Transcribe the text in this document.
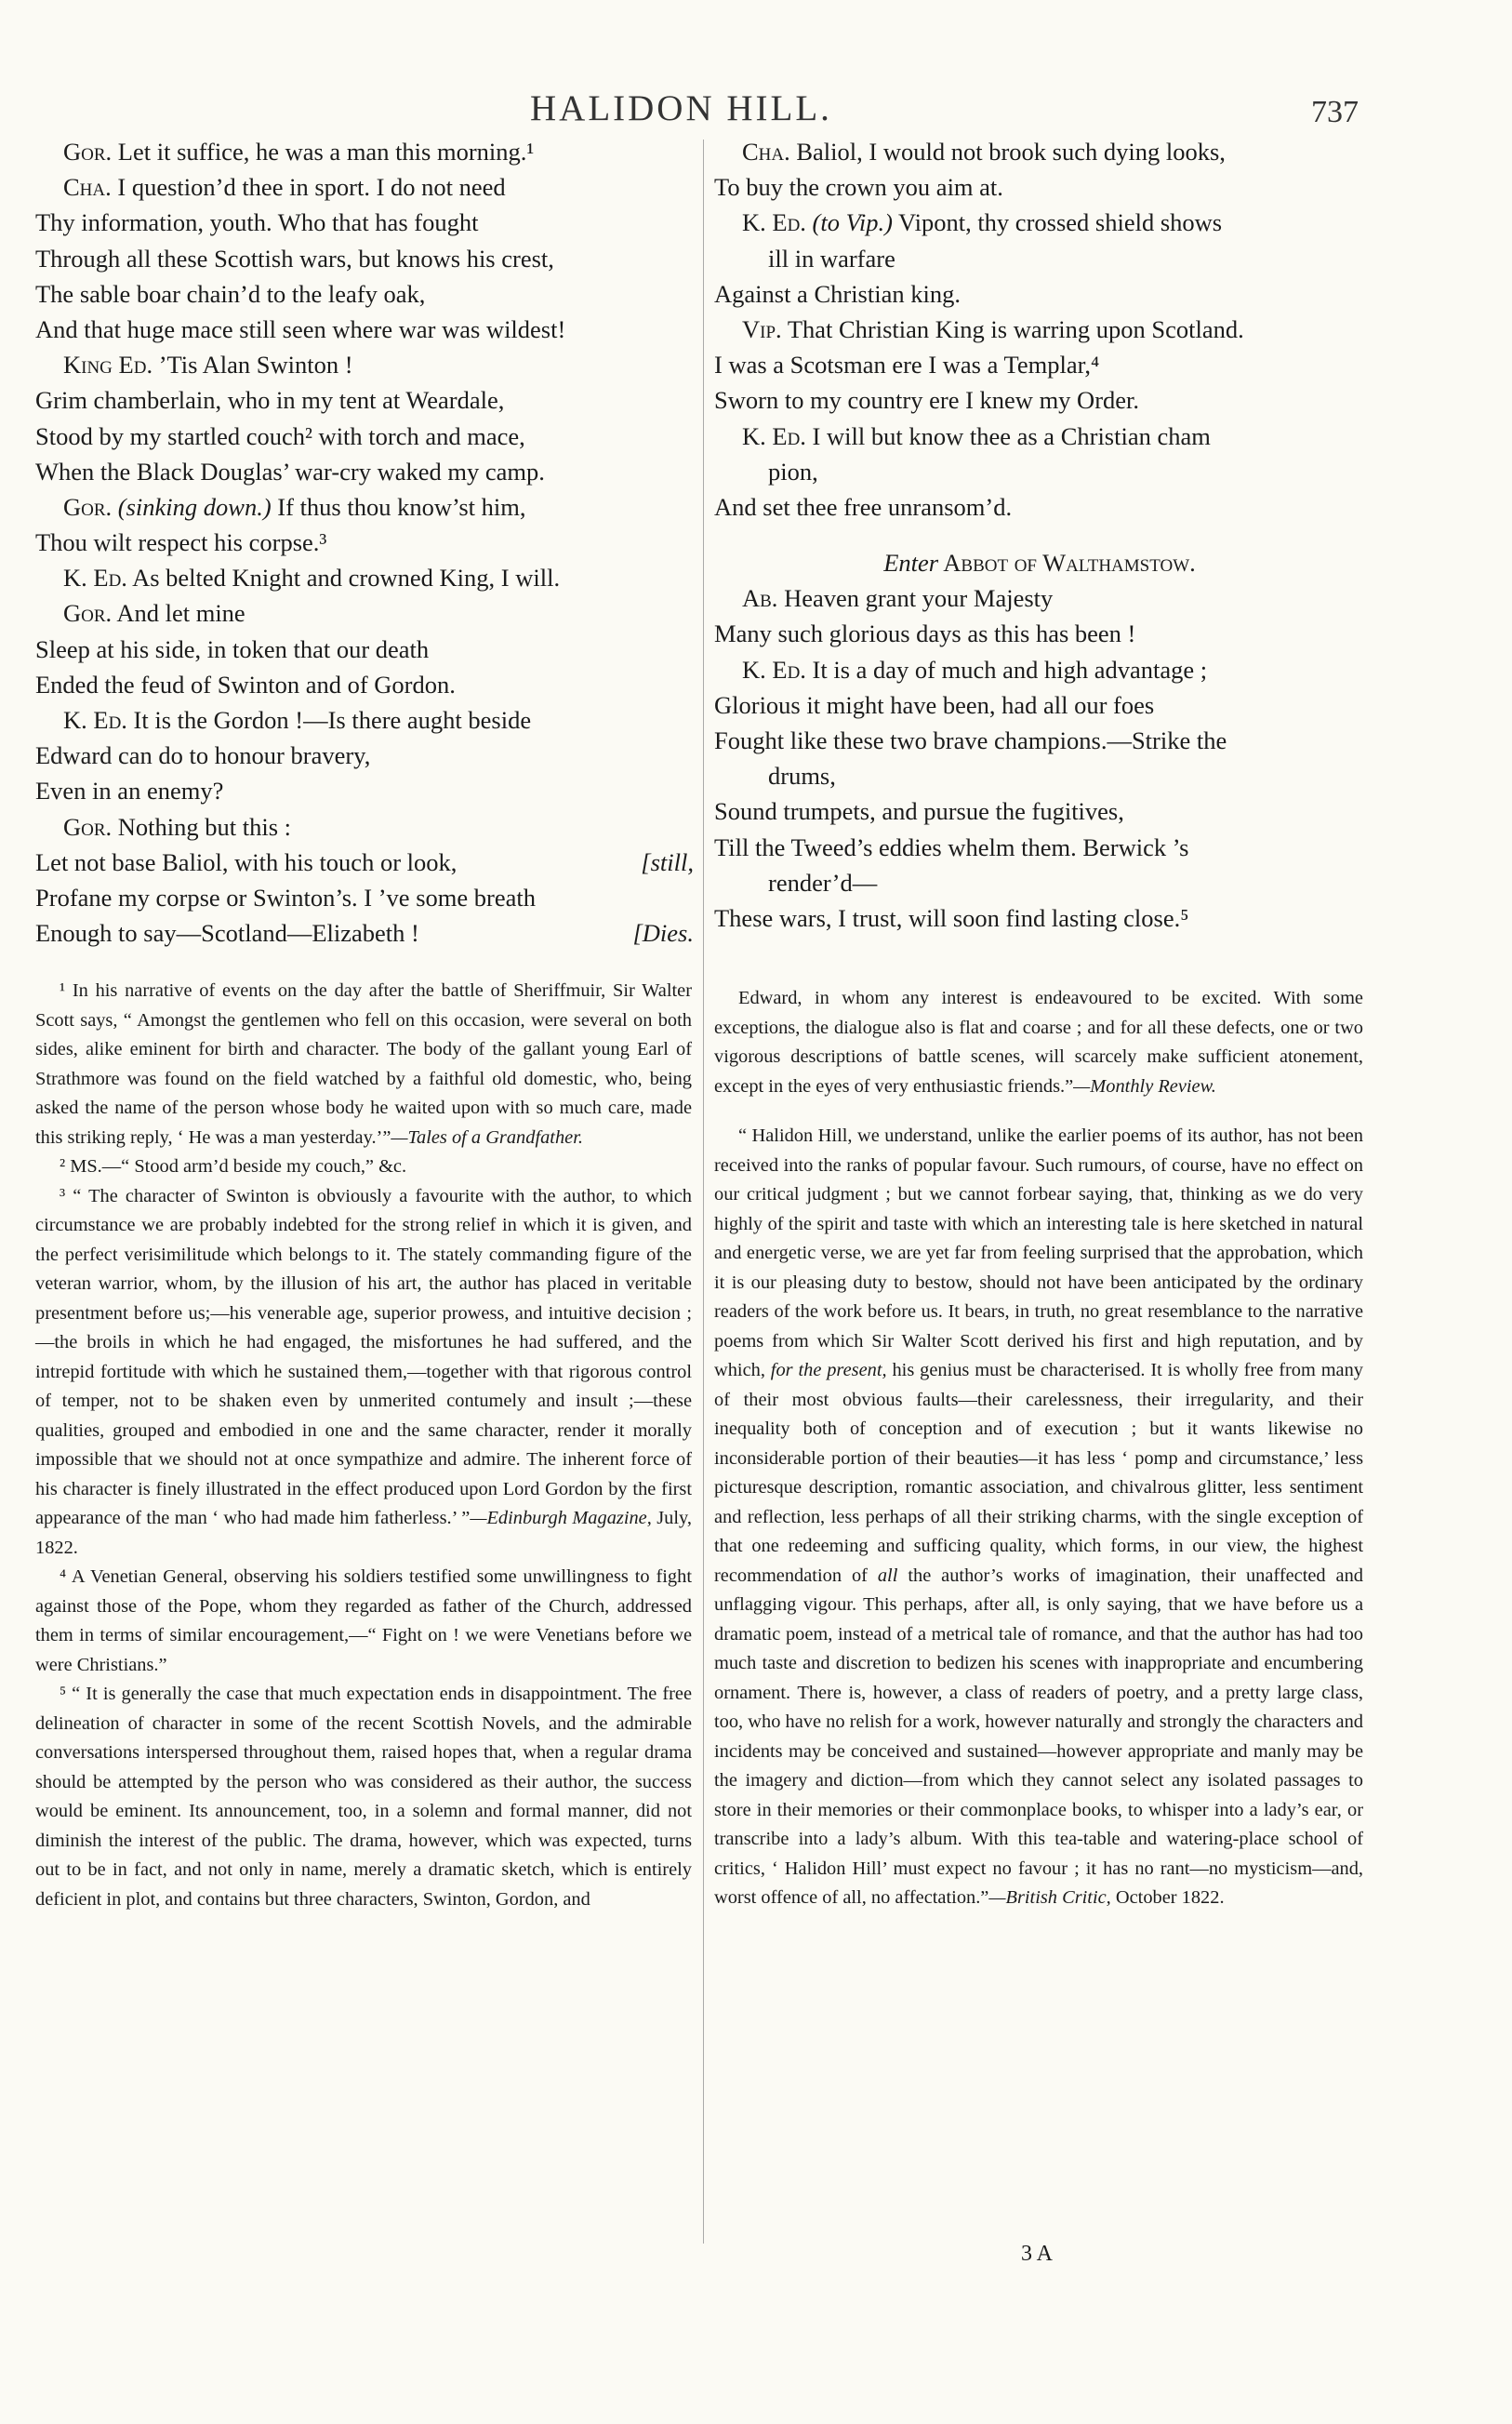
HALIDON HILL.	737
Gor. Let it suffice, he was a man this morning.¹
Cha. I question’d thee in sport. I do not need
Thy information, youth. Who that has fought
Through all these Scottish wars, but knows his crest,
The sable boar chain’d to the leafy oak,
And that huge mace still seen where war was wildest!
King Ed. ’Tis Alan Swinton !
Grim chamberlain, who in my tent at Weardale,
Stood by my startled couch² with torch and mace,
When the Black Douglas’ war-cry waked my camp.
Gor. (sinking down.) If thus thou know’st him,
Thou wilt respect his corpse.³
K. Ed. As belted Knight and crowned King, I will.
Gor. And let mine
Sleep at his side, in token that our death
Ended the feud of Swinton and of Gordon.
K. Ed. It is the Gordon !—Is there aught beside
Edward can do to honour bravery,
Even in an enemy?
Gor. Nothing but this :
Let not base Baliol, with his touch or look,	[still,
Profane my corpse or Swinton’s. I ’ve some breath
Enough to say—Scotland—Elizabeth !	[Dies.
Cha. Baliol, I would not brook such dying looks,
To buy the crown you aim at.
K. Ed. (to Vip.) Vipont, thy crossed shield shows
ill in warfare
Against a Christian king.
Vip. That Christian King is warring upon Scotland.
I was a Scotsman ere I was a Templar,⁴
Sworn to my country ere I knew my Order.
K. Ed. I will but know thee as a Christian cham
pion,
And set thee free unransom’d.
Enter Abbot of Walthamstow.
Ab. Heaven grant your Majesty
Many such glorious days as this has been !
K. Ed. It is a day of much and high advantage ;
Glorious it might have been, had all our foes
Fought like these two brave champions.—Strike the
drums,
Sound trumpets, and pursue the fugitives,
Till the Tweed’s eddies whelm them. Berwick ’s
render’d—
These wars, I trust, will soon find lasting close.⁵

¹ In his narrative of events on the day after the battle of Sheriffmuir, Sir Walter Scott says, “ Amongst the gentlemen who fell on this occasion, were several on both sides, alike eminent for birth and character. The body of the gallant young Earl of Strathmore was found on the field watched by a faithful old domestic, who, being asked the name of the person whose body he waited upon with so much care, made this striking reply, ‘ He was a man yesterday.’”—Tales of a Grandfather.

² MS.—“ Stood arm’d beside my couch,” &c.

³ “ The character of Swinton is obviously a favourite with the author, to which circumstance we are probably indebted for the strong relief in which it is given, and the perfect verisimilitude which belongs to it. The stately commanding figure of the veteran warrior, whom, by the illusion of his art, the author has placed in veritable presentment before us;—his venerable age, superior prowess, and intuitive decision ;—the broils in which he had engaged, the misfortunes he had suffered, and the intrepid fortitude with which he sustained them,—together with that rigorous control of temper, not to be shaken even by unmerited contumely and insult ;—these qualities, grouped and embodied in one and the same character, render it morally impossible that we should not at once sympathize and admire. The inherent force of his character is finely illustrated in the effect produced upon Lord Gordon by the first appearance of the man ‘ who had made him fatherless.’ ”—Edinburgh Magazine, July, 1822.

⁴ A Venetian General, observing his soldiers testified some unwillingness to fight against those of the Pope, whom they regarded as father of the Church, addressed them in terms of similar encouragement,—“ Fight on ! we were Venetians before we were Christians.”

⁵ “ It is generally the case that much expectation ends in disappointment. The free delineation of character in some of the recent Scottish Novels, and the admirable conversations interspersed throughout them, raised hopes that, when a regular drama should be attempted by the person who was considered as their author, the success would be eminent. Its announcement, too, in a solemn and formal manner, did not diminish the interest of the public. The drama, however, which was expected, turns out to be in fact, and not only in name, merely a dramatic sketch, which is entirely deficient in plot, and contains but three characters, Swinton, Gordon, and

Edward, in whom any interest is endeavoured to be excited. With some exceptions, the dialogue also is flat and coarse ; and for all these defects, one or two vigorous descriptions of battle scenes, will scarcely make sufficient atonement, except in the eyes of very enthusiastic friends.”—Monthly Review.

“ Halidon Hill, we understand, unlike the earlier poems of its author, has not been received into the ranks of popular favour. Such rumours, of course, have no effect on our critical judgment ; but we cannot forbear saying, that, thinking as we do very highly of the spirit and taste with which an interesting tale is here sketched in natural and energetic verse, we are yet far from feeling surprised that the approbation, which it is our pleasing duty to bestow, should not have been anticipated by the ordinary readers of the work before us. It bears, in truth, no great resemblance to the narrative poems from which Sir Walter Scott derived his first and high reputation, and by which, for the present, his genius must be characterised. It is wholly free from many of their most obvious faults—their carelessness, their irregularity, and their inequality both of conception and of execution ; but it wants likewise no inconsiderable portion of their beauties—it has less ‘ pomp and circumstance,’ less picturesque description, romantic association, and chivalrous glitter, less sentiment and reflection, less perhaps of all their striking charms, with the single exception of that one redeeming and sufficing quality, which forms, in our view, the highest recommendation of all the author’s works of imagination, their unaffected and unflagging vigour. This perhaps, after all, is only saying, that we have before us a dramatic poem, instead of a metrical tale of romance, and that the author has had too much taste and discretion to bedizen his scenes with inappropriate and encumbering ornament. There is, however, a class of readers of poetry, and a pretty large class, too, who have no relish for a work, however naturally and strongly the characters and incidents may be conceived and sustained—however appropriate and manly may be the imagery and diction—from which they cannot select any isolated passages to store in their memories or their commonplace books, to whisper into a lady’s ear, or transcribe into a lady’s album. With this tea-table and watering-place school of critics, ‘ Halidon Hill’ must expect no favour ; it has no rant—no mysticism—and, worst offence of all, no affectation.”—British Critic, October 1822.

3 A
